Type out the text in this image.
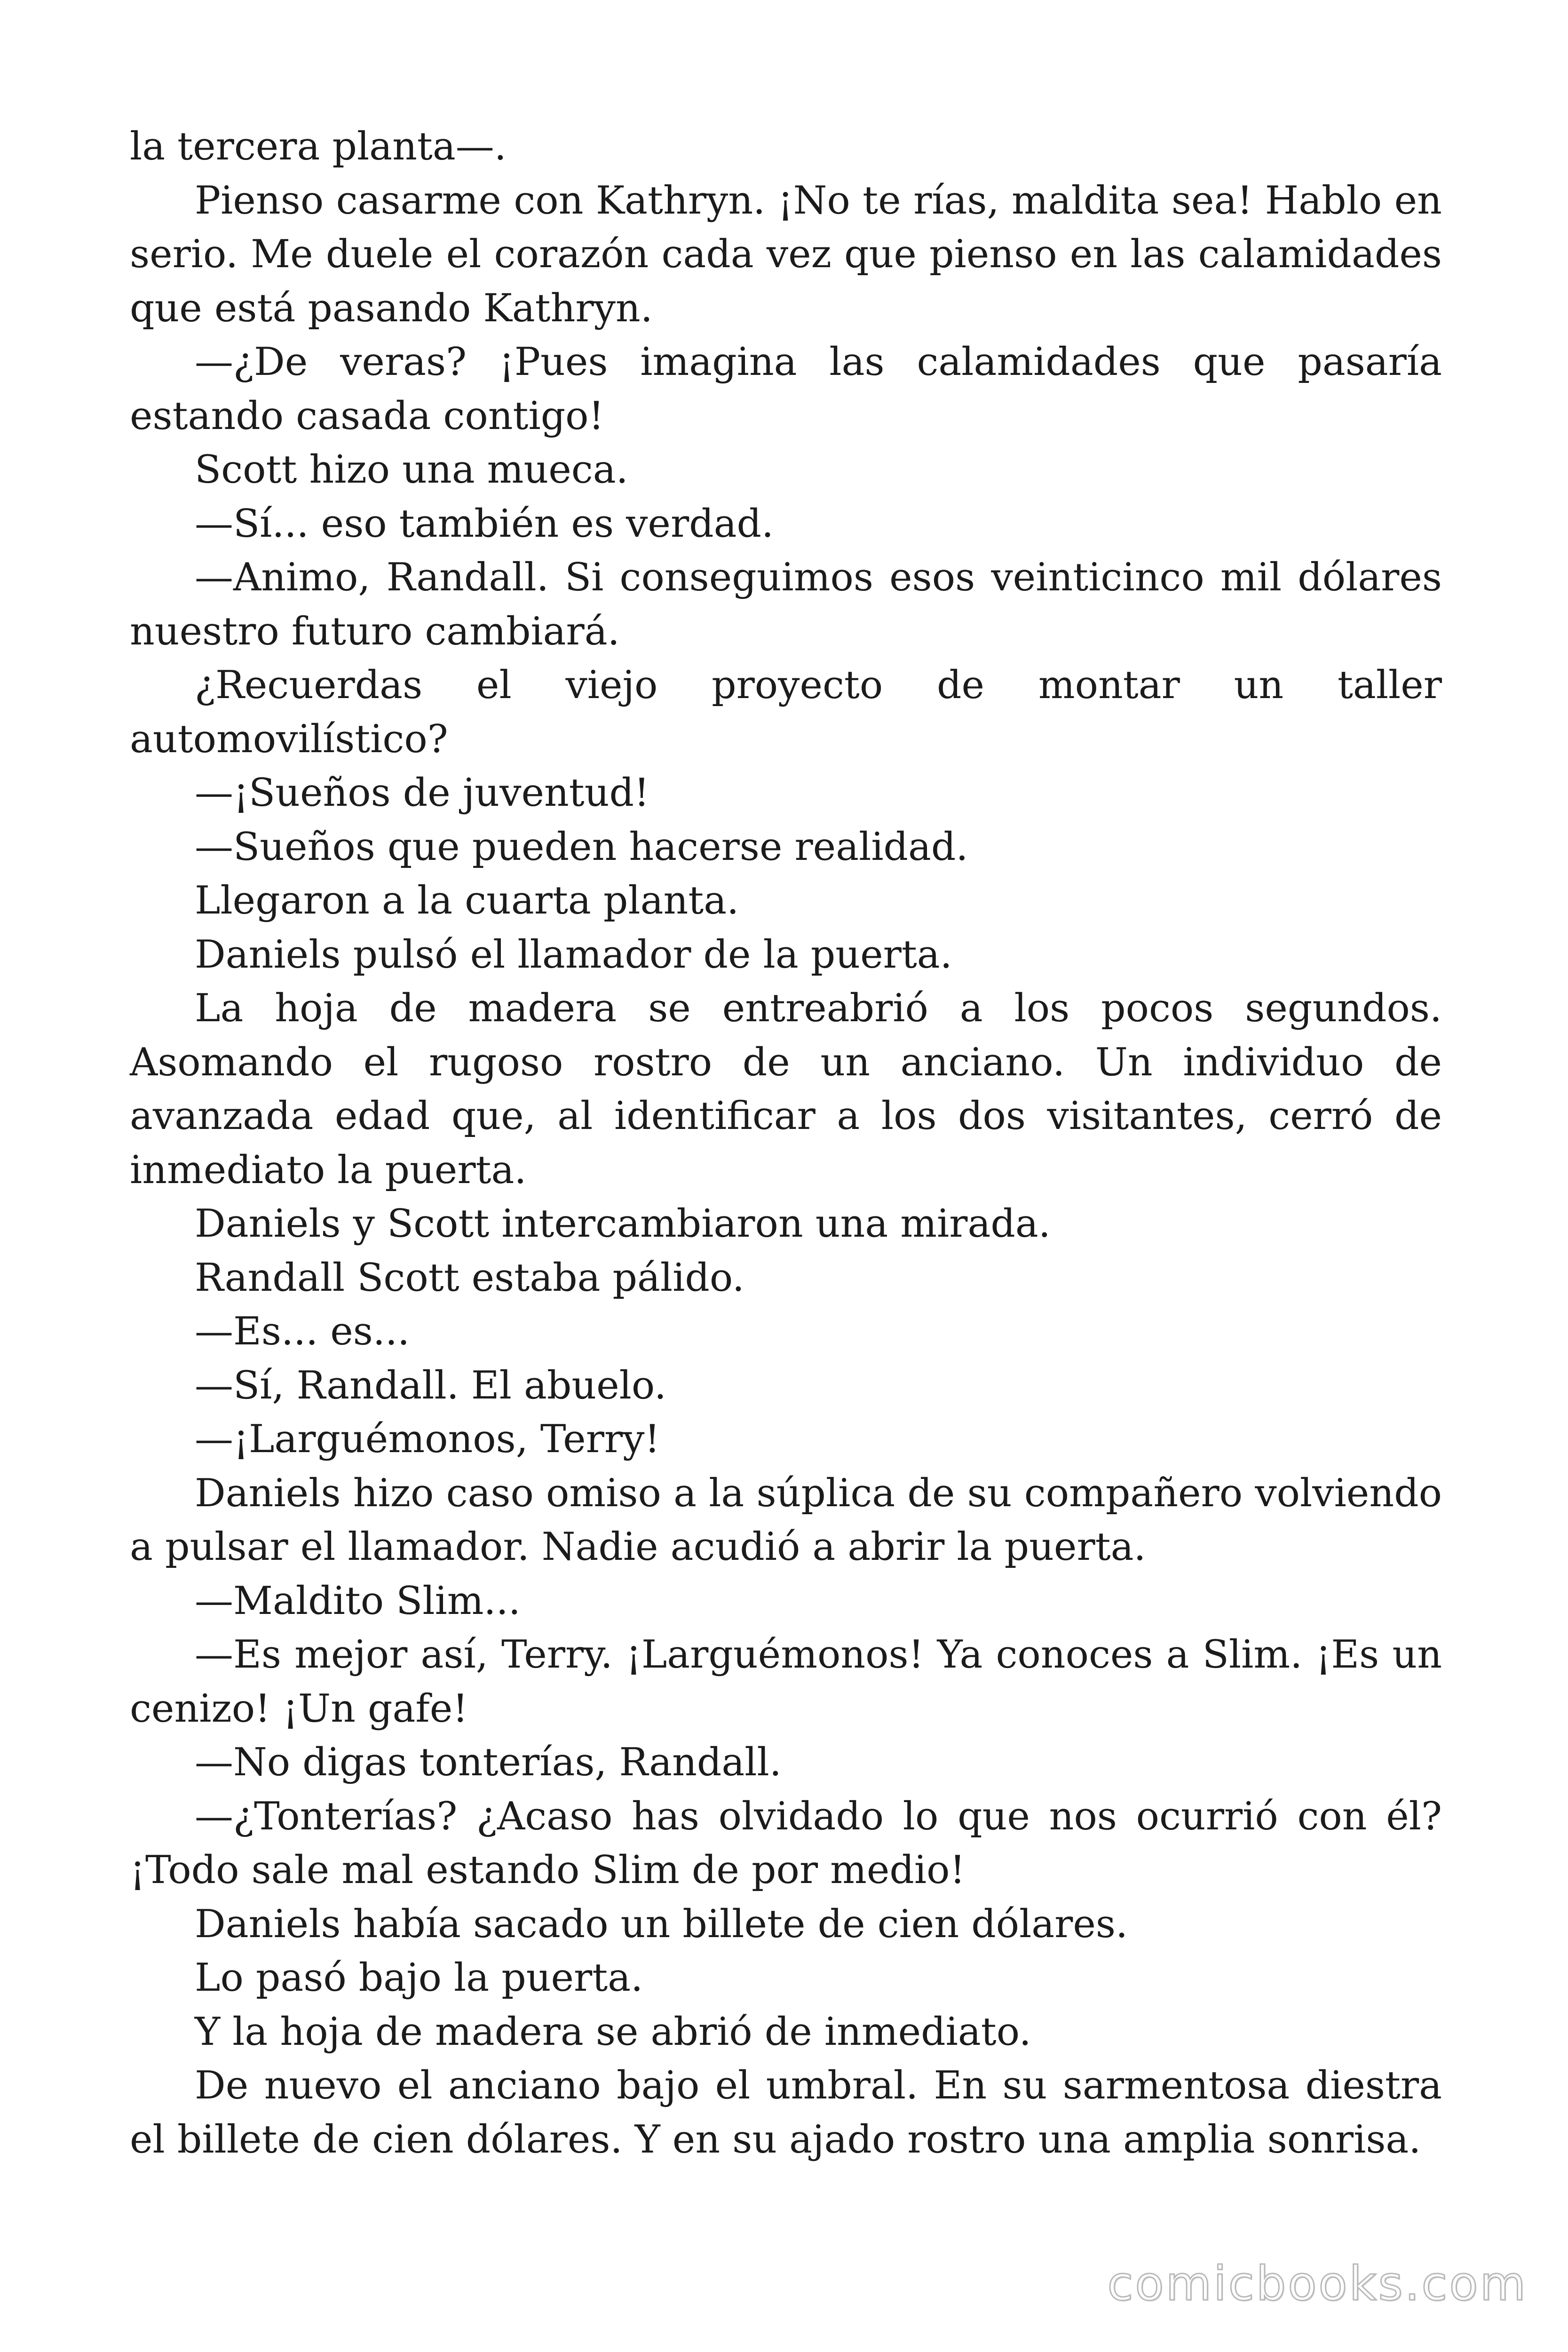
la tercera planta—.

Pienso casarme con Kathryn. ¡No te rías, maldita sea! Hablo en serio. Me duele el corazón cada vez que pienso en las calamidades que está pasando Kathryn.

—¿De veras? ¡Pues imagina las calamidades que pasaría estando casada contigo!

Scott hizo una mueca.

—Sí... eso también es verdad.

—Animo, Randall. Si conseguimos esos veinticinco mil dólares nuestro futuro cambiará.

¿Recuerdas el viejo proyecto de montar un taller automovilístico?

—¡Sueños de juventud!

—Sueños que pueden hacerse realidad.

Llegaron a la cuarta planta.

Daniels pulsó el llamador de la puerta.

La hoja de madera se entreabrió a los pocos segundos. Asomando el rugoso rostro de un anciano. Un individuo de avanzada edad que, al identificar a los dos visitantes, cerró de inmediato la puerta.

Daniels y Scott intercambiaron una mirada.

Randall Scott estaba pálido.

—Es... es...

—Sí, Randall. El abuelo.

—¡Larguémonos, Terry!

Daniels hizo caso omiso a la súplica de su compañero volviendo a pulsar el llamador. Nadie acudió a abrir la puerta.

—Maldito Slim...

—Es mejor así, Terry. ¡Larguémonos! Ya conoces a Slim. ¡Es un cenizo! ¡Un gafe!

—No digas tonterías, Randall.

—¿Tonterías? ¿Acaso has olvidado lo que nos ocurrió con él? ¡Todo sale mal estando Slim de por medio!

Daniels había sacado un billete de cien dólares.

Lo pasó bajo la puerta.

Y la hoja de madera se abrió de inmediato.

De nuevo el anciano bajo el umbral. En su sarmentosa diestra el billete de cien dólares. Y en su ajado rostro una amplia sonrisa.

comicbooks.com
